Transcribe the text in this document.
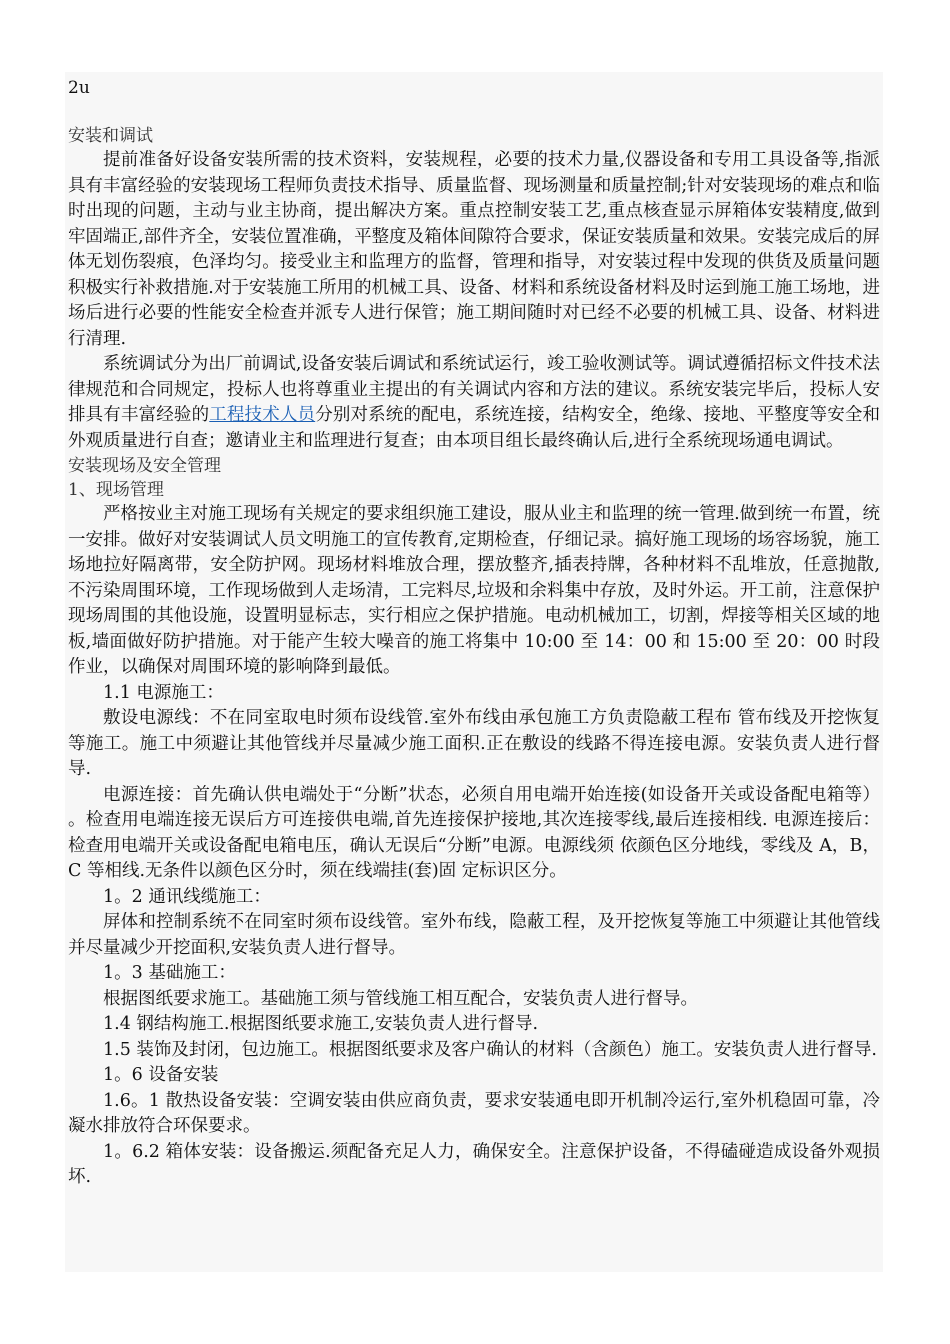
2u

安装和调试

提前准备好设备安装所需的技术资料，安装规程，必要的技术力量,仪器设备和专用工具设备等,指派具有丰富经验的安装现场工程师负责技术指导、质量监督、现场测量和质量控制;针对安装现场的难点和临时出现的问题，主动与业主协商，提出解决方案。重点控制安装工艺,重点核查显示屏箱体安装精度,做到牢固端正,部件齐全，安装位置准确，平整度及箱体间隙符合要求，保证安装质量和效果。安装完成后的屏体无划伤裂痕，色泽均匀。接受业主和监理方的监督，管理和指导，对安装过程中发现的供货及质量问题积极实行补救措施.对于安装施工所用的机械工具、设备、材料和系统设备材料及时运到施工施工场地，进场后进行必要的性能安全检查并派专人进行保管；施工期间随时对已经不必要的机械工具、设备、材料进行清理.

系统调试分为出厂前调试,设备安装后调试和系统试运行，竣工验收测试等。调试遵循招标文件技术法律规范和合同规定，投标人也将尊重业主提出的有关调试内容和方法的建议。系统安装完毕后，投标人安排具有丰富经验的工程技术人员分别对系统的配电，系统连接，结构安全，绝缘、接地、平整度等安全和外观质量进行自查；邀请业主和监理进行复查；由本项目组长最终确认后,进行全系统现场通电调试。

安装现场及安全管理

1、现场管理

严格按业主对施工现场有关规定的要求组织施工建设，服从业主和监理的统一管理.做到统一布置，统一安排。做好对安装调试人员文明施工的宣传教育,定期检查，仔细记录。搞好施工现场的场容场貌，施工场地拉好隔离带，安全防护网。现场材料堆放合理，摆放整齐,插表持牌，各种材料不乱堆放，任意抛散,不污染周围环境，工作现场做到人走场清，工完料尽,垃圾和余料集中存放，及时外运。开工前，注意保护现场周围的其他设施，设置明显标志，实行相应之保护措施。电动机械加工，切割，焊接等相关区域的地板,墙面做好防护措施。对于能产生较大噪音的施工将集中 10:00 至 14：00 和 15:00 至 20：00 时段作业，以确保对周围环境的影响降到最低。

1.1 电源施工：

敷设电源线：不在同室取电时须布设线管.室外布线由承包施工方负责隐蔽工程布 管布线及开挖恢复等施工。施工中须避让其他管线并尽量减少施工面积.正在敷设的线路不得连接电源。安装负责人进行督导.

电源连接：首先确认供电端处于“分断”状态，必须自用电端开始连接(如设备开关或设备配电箱等） 。检查用电端连接无误后方可连接供电端,首先连接保护接地,其次连接零线,最后连接相线. 电源连接后：检查用电端开关或设备配电箱电压，确认无误后“分断”电源。电源线须 依颜色区分地线，零线及 A，B，C 等相线.无条件以颜色区分时，须在线端挂(套)固 定标识区分。

1。2 通讯线缆施工：

屏体和控制系统不在同室时须布设线管。室外布线，隐蔽工程，及开挖恢复等施工中须避让其他管线并尽量减少开挖面积,安装负责人进行督导。

1。3 基础施工：

根据图纸要求施工。基础施工须与管线施工相互配合，安装负责人进行督导。

1.4 钢结构施工.根据图纸要求施工,安装负责人进行督导.

1.5 装饰及封闭，包边施工。根据图纸要求及客户确认的材料（含颜色）施工。安装负责人进行督导.

1。6 设备安装

1.6。1 散热设备安装：空调安装由供应商负责，要求安装通电即开机制冷运行,室外机稳固可靠，冷凝水排放符合环保要求。

1。6.2 箱体安装：设备搬运.须配备充足人力，确保安全。注意保护设备，不得磕碰造成设备外观损坏.
